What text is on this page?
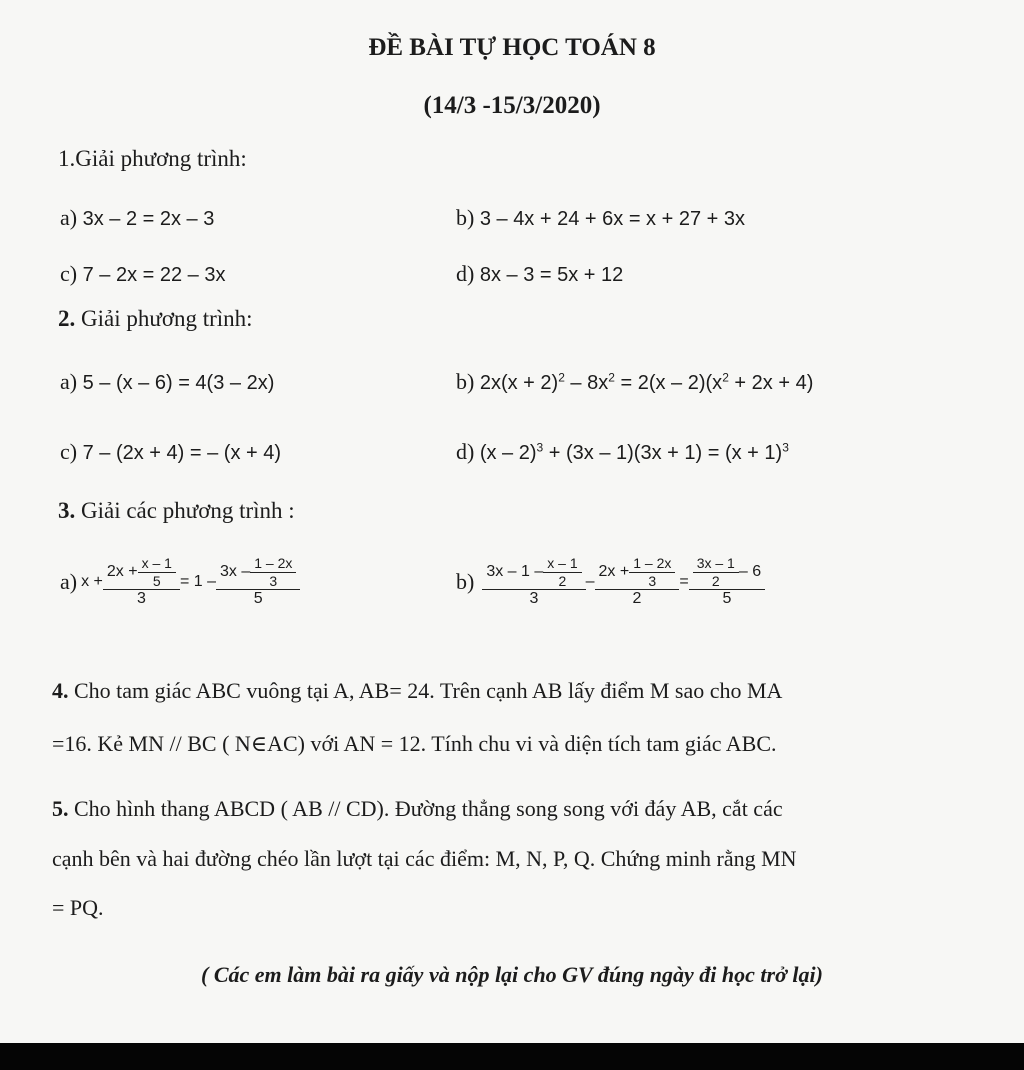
ĐỀ BÀI TỰ HỌC TOÁN 8
(14/3 -15/3/2020)
1.Giải phương trình:
a) 3x – 2 = 2x – 3	b) 3 – 4x + 24 + 6x = x + 27 + 3x
c) 7 – 2x = 22 – 3x	d) 8x – 3 = 5x + 12
2. Giải phương trình:
a) 5 – (x – 6) = 4(3 – 2x)	b) $2x(x + 2)^2 - 8x^2 = 2(x - 2)(x^2 + 2x + 4)$
c) 7 – (2x + 4) = – (x + 4)	d) $(x - 2)^3 + (3x - 1)(3x + 1) = (x + 1)^3$
3. Giải các phương trình :
a) $x + \frac{2x + \frac{x - 1}{5}}{3} = 1 - \frac{3x - \frac{1 - 2x}{3}}{5}$	$b) \frac{3x - 1 - \frac{x - 1}{2}}{3} - \frac{2x + \frac{1 - 2x}{3}}{2} = \frac{\frac{3x - 1}{2} - 6}{5}$
4. Cho tam giác ABC vuông tại A, AB= 24. Trên cạnh AB lấy điểm M sao cho MA
=16. Kẻ MN // BC ( N∈AC) với AN = 12. Tính chu vi và diện tích tam giác ABC.
5. Cho hình thang ABCD ( AB // CD). Đường thẳng song song với đáy AB, cắt các
cạnh bên và hai đường chéo lần lượt tại các điểm: M, N, P, Q. Chứng minh rằng MN
= PQ.
( Các em làm bài ra giấy và nộp lại cho GV đúng ngày đi học trở lại)
